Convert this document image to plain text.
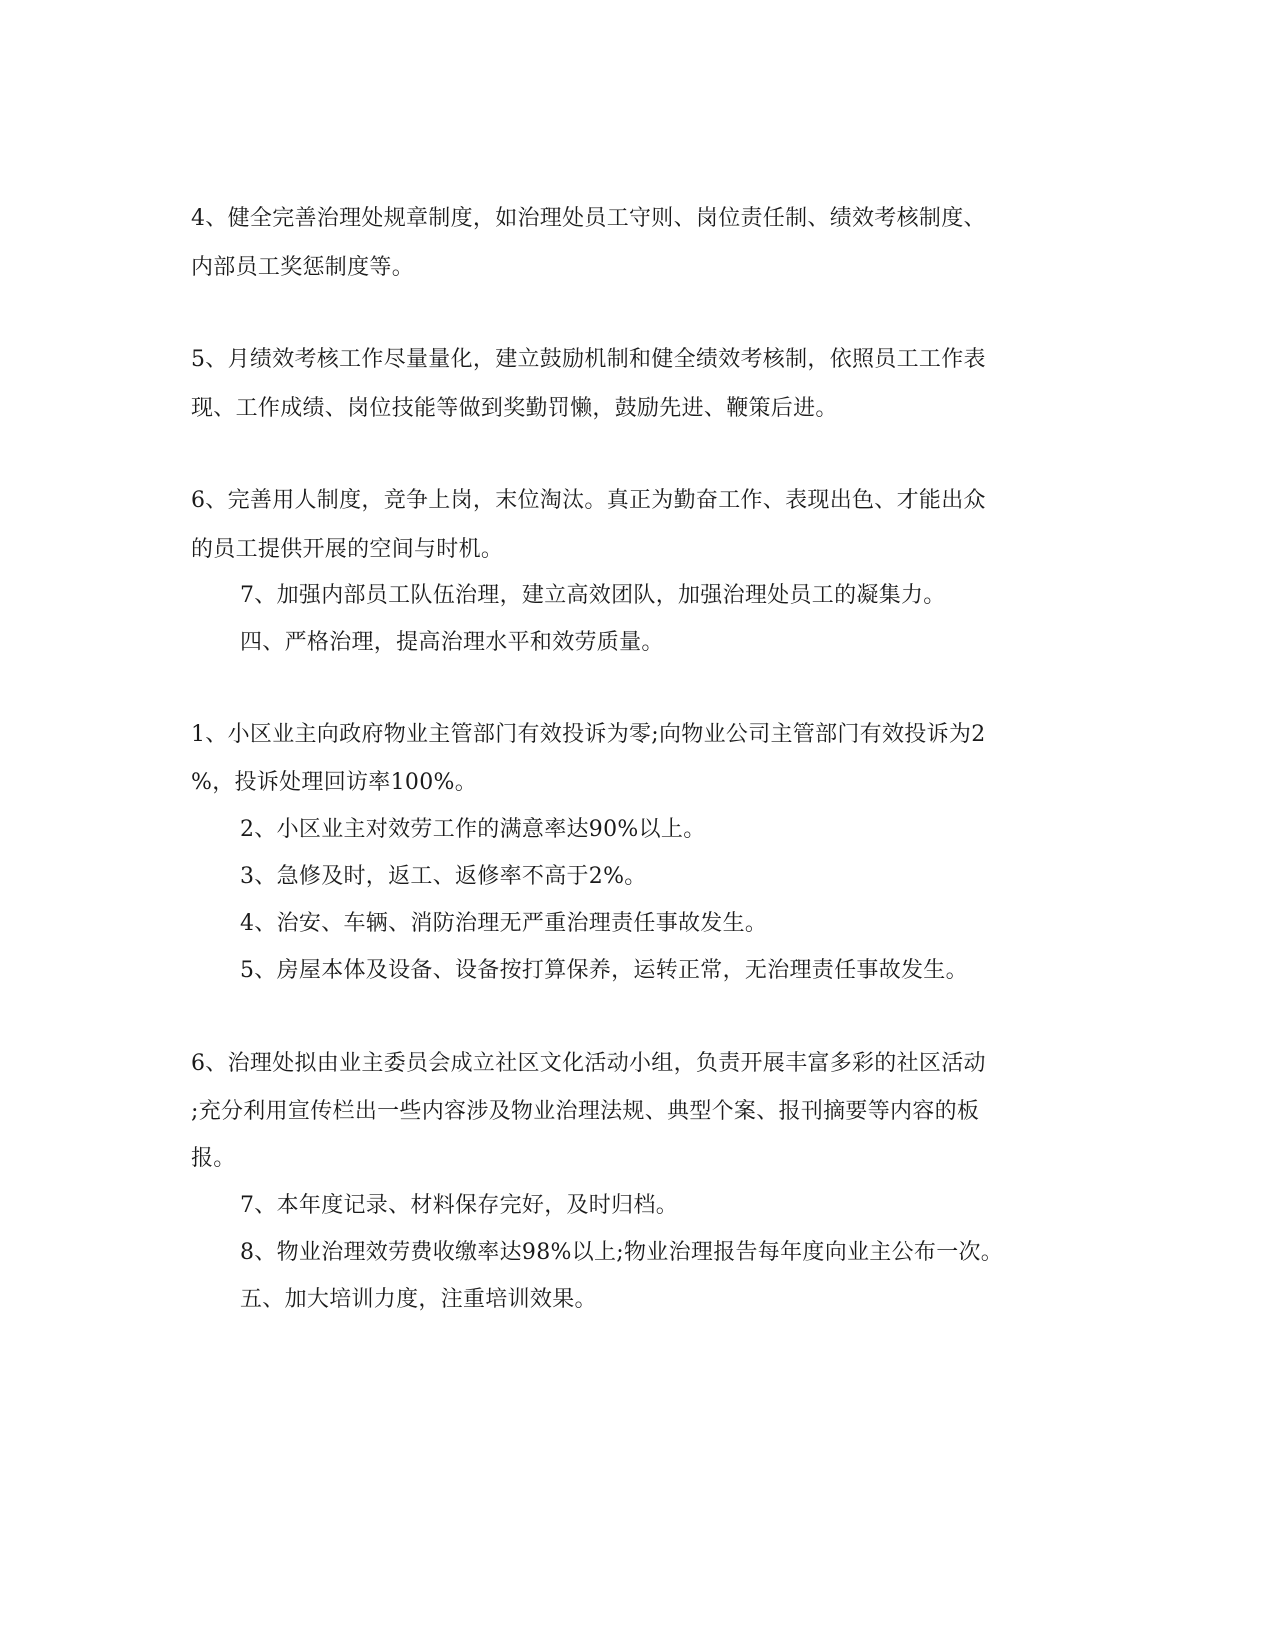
4、健全完善治理处规章制度，如治理处员工守则、岗位责任制、绩效考核制度、
内部员工奖惩制度等。
5、月绩效考核工作尽量量化，建立鼓励机制和健全绩效考核制，依照员工工作表
现、工作成绩、岗位技能等做到奖勤罚懒，鼓励先进、鞭策后进。
6、完善用人制度，竞争上岗，末位淘汰。真正为勤奋工作、表现出色、才能出众
的员工提供开展的空间与时机。
7、加强内部员工队伍治理，建立高效团队，加强治理处员工的凝集力。
四、严格治理，提高治理水平和效劳质量。
1、小区业主向政府物业主管部门有效投诉为零;向物业公司主管部门有效投诉为2
%，投诉处理回访率100%。
2、小区业主对效劳工作的满意率达90%以上。
3、急修及时，返工、返修率不高于2%。
4、治安、车辆、消防治理无严重治理责任事故发生。
5、房屋本体及设备、设备按打算保养，运转正常，无治理责任事故发生。
6、治理处拟由业主委员会成立社区文化活动小组，负责开展丰富多彩的社区活动
;充分利用宣传栏出一些内容涉及物业治理法规、典型个案、报刊摘要等内容的板
报。
7、本年度记录、材料保存完好，及时归档。
8、物业治理效劳费收缴率达98%以上;物业治理报告每年度向业主公布一次。
五、加大培训力度，注重培训效果。
